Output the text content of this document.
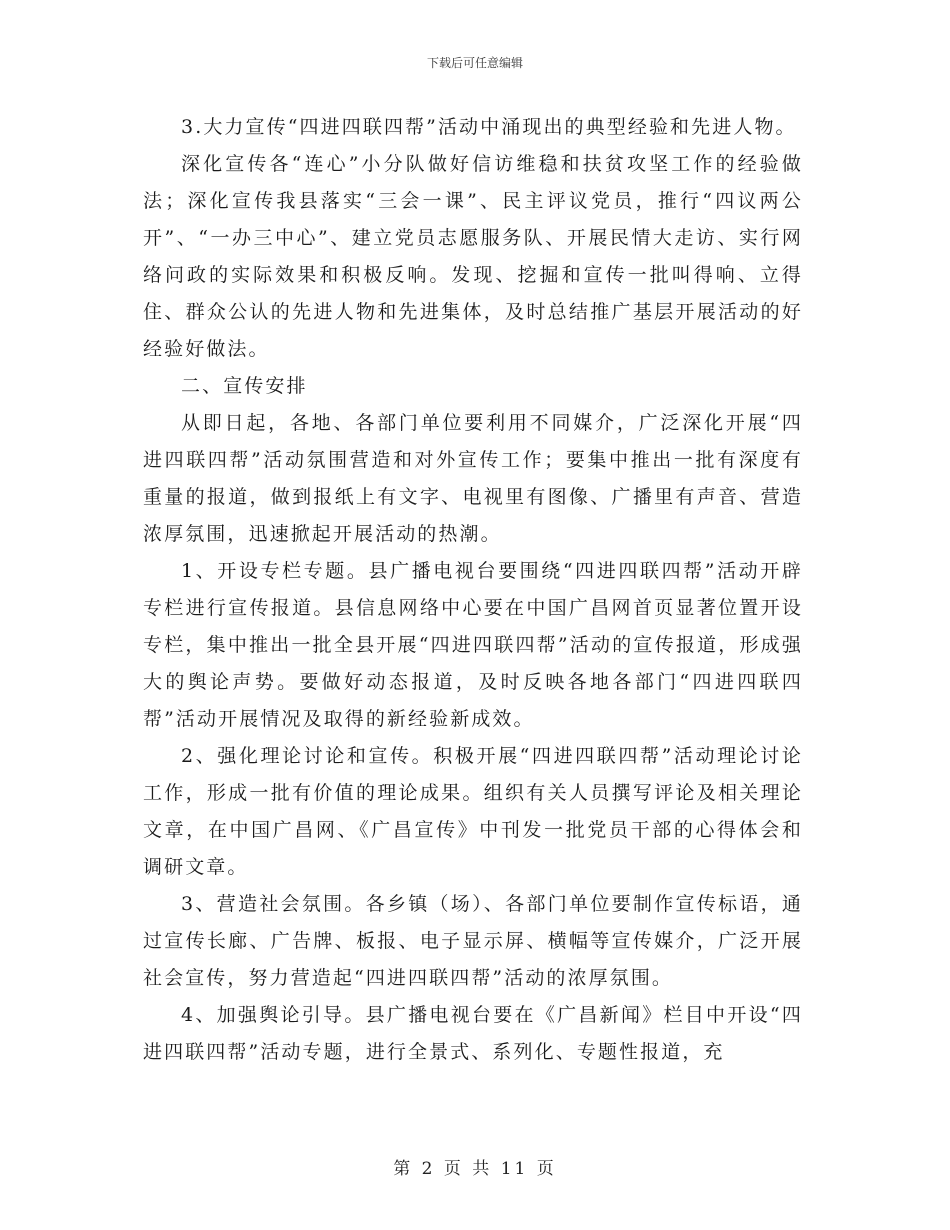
下载后可任意编辑

3.大力宣传“四进四联四帮”活动中涌现出的典型经验和先进人物。

深化宣传各“连心”小分队做好信访维稳和扶贫攻坚工作的经验做法；深化宣传我县落实“三会一课”、民主评议党员，推行“四议两公开”、“一办三中心”、建立党员志愿服务队、开展民情大走访、实行网络问政的实际效果和积极反响。发现、挖掘和宣传一批叫得响、立得住、群众公认的先进人物和先进集体，及时总结推广基层开展活动的好经验好做法。

二、宣传安排

从即日起，各地、各部门单位要利用不同媒介，广泛深化开展“四进四联四帮”活动氛围营造和对外宣传工作；要集中推出一批有深度有重量的报道，做到报纸上有文字、电视里有图像、广播里有声音、营造浓厚氛围，迅速掀起开展活动的热潮。

1、开设专栏专题。县广播电视台要围绕“四进四联四帮”活动开辟专栏进行宣传报道。县信息网络中心要在中国广昌网首页显著位置开设专栏，集中推出一批全县开展“四进四联四帮”活动的宣传报道，形成强大的舆论声势。要做好动态报道，及时反映各地各部门“四进四联四帮”活动开展情况及取得的新经验新成效。

2、强化理论讨论和宣传。积极开展“四进四联四帮”活动理论讨论工作，形成一批有价值的理论成果。组织有关人员撰写评论及相关理论文章，在中国广昌网、《广昌宣传》中刊发一批党员干部的心得体会和调研文章。

3、营造社会氛围。各乡镇（场）、各部门单位要制作宣传标语，通过宣传长廊、广告牌、板报、电子显示屏、横幅等宣传媒介，广泛开展社会宣传，努力营造起“四进四联四帮”活动的浓厚氛围。

4、加强舆论引导。县广播电视台要在《广昌新闻》栏目中开设“四进四联四帮”活动专题，进行全景式、系列化、专题性报道，充

第 2 页 共 11 页
